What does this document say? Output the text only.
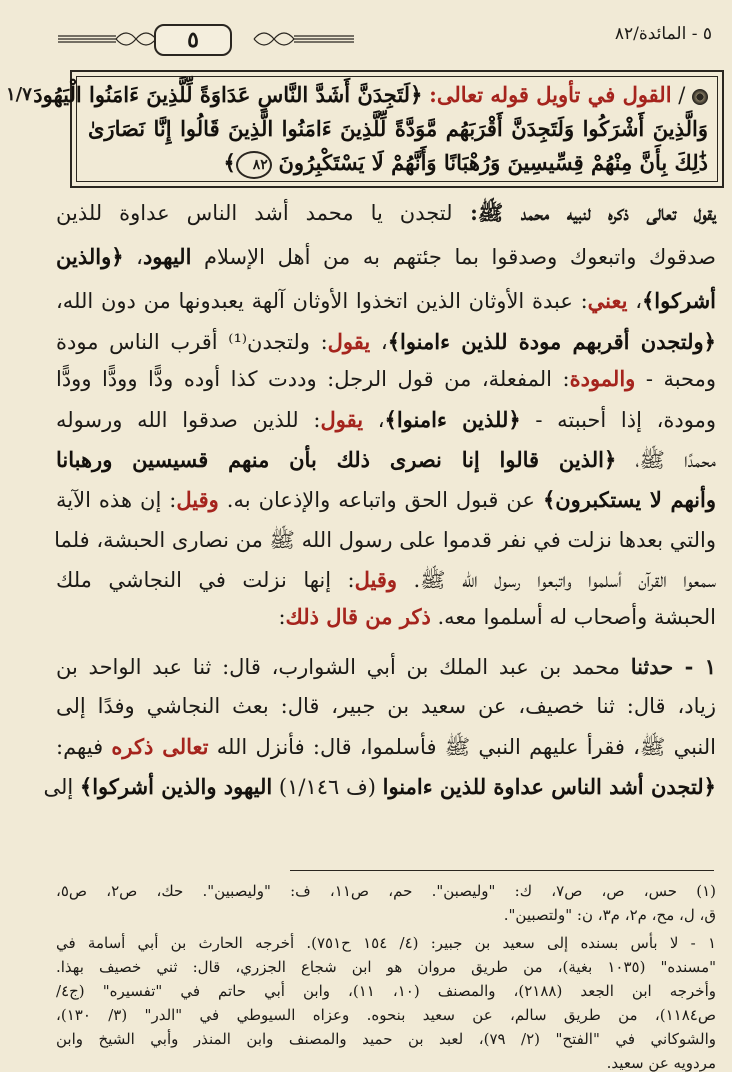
٥	٥ - المائدة/٨٢
١/٧	/ القول في تأويل قوله تعالى: ﴿لَتَجِدَنَّ أَشَدَّ النَّاسِ عَدَاوَةً لِّلَّذِينَ ءَامَنُوا الْيَهُودَ
وَالَّذِينَ أَشْرَكُوا وَلَتَجِدَنَّ أَقْرَبَهُم مَّوَدَّةً لِّلَّذِينَ ءَامَنُوا الَّذِينَ قَالُوا إِنَّا نَصَارَىٰ
ذَٰلِكَ بِأَنَّ مِنْهُمْ قِسِّيسِينَ وَرُهْبَانًا وَأَنَّهُمْ لَا يَسْتَكْبِرُونَ ٨٢﴾
يقول تعالى ذكره لنبيه محمد ﷺ: لتجدن يا محمد أشد الناس عداوة للذين
صدقوك واتبعوك وصدقوا بما جئتهم به من أهل الإسلام اليهود، ﴿والذين
أشركوا﴾، يعني: عبدة الأوثان الذين اتخذوا الأوثان آلهة يعبدونها من دون الله،
﴿ولتجدن أقربهم مودة للذين ءامنوا﴾، يقول: ولتجدن⁽¹⁾ أقرب الناس مودة
ومحبة - والمودة: المفعلة، من قول الرجل: وددت كذا أوده ودًّا وودًّا وودًّا
ومودة، إذا أحببته - ﴿للذين ءامنوا﴾، يقول: للذين صدقوا الله ورسوله
محمدًا ﷺ، ﴿الذين قالوا إنا نصرى ذلك بأن منهم قسيسين ورهبانا
وأنهم لا يستكبرون﴾ عن قبول الحق واتباعه والإذعان به. وقيل: إن هذه الآية
والتي بعدها نزلت في نفر قدموا على رسول الله ﷺ من نصارى الحبشة، فلما
سمعوا القرآن أسلموا واتبعوا رسول الله ﷺ. وقيل: إنها نزلت في النجاشي ملك
الحبشة وأصحاب له أسلموا معه. ذكر من قال ذلك:
١ - حدثنا محمد بن عبد الملك بن أبي الشوارب، قال: ثنا عبد الواحد بن
زياد، قال: ثنا خصيف، عن سعيد بن جبير، قال: بعث النجاشي وفدًا إلى
النبي ﷺ، فقرأ عليهم النبي ﷺ فأسلموا، قال: فأنزل الله تعالى ذكره فيهم:
﴿لتجدن أشد الناس عداوة للذين ءامنوا (ف ١/١٤٦) اليهود والذين أشركوا﴾ إلى
(١) حس، ص، ص٧، ك: "وليصبن". حم، ص١١، ف: "وليصبين". حك، ص٢، ص٥،
ق، ل، مح، م٢، م٣، ن: "ولتصبين".
١ - لا بأس بسنده إلى سعيد بن جبير: (٤/ ١٥٤ ح٧٥١). أخرجه الحارث بن أبي أسامة في
"مسنده" (١٠٣٥ بغية)، من طريق مروان هو ابن شجاع الجزري، قال: ثني خصيف بهذا.
وأخرجه ابن الجعد (٢١٨٨)، والمصنف (١٠، ١١)، وابن أبي حاتم في "تفسيره" (ج٤/
ص١١٨٤)، من طريق سالم، عن سعيد بنحوه. وعزاه السيوطي في "الدر" (٣/ ١٣٠)،
والشوكاني في "الفتح" (٢/ ٧٩)، لعبد بن حميد والمصنف وابن المنذر وأبي الشيخ وابن
مردويه عن سعيد.
